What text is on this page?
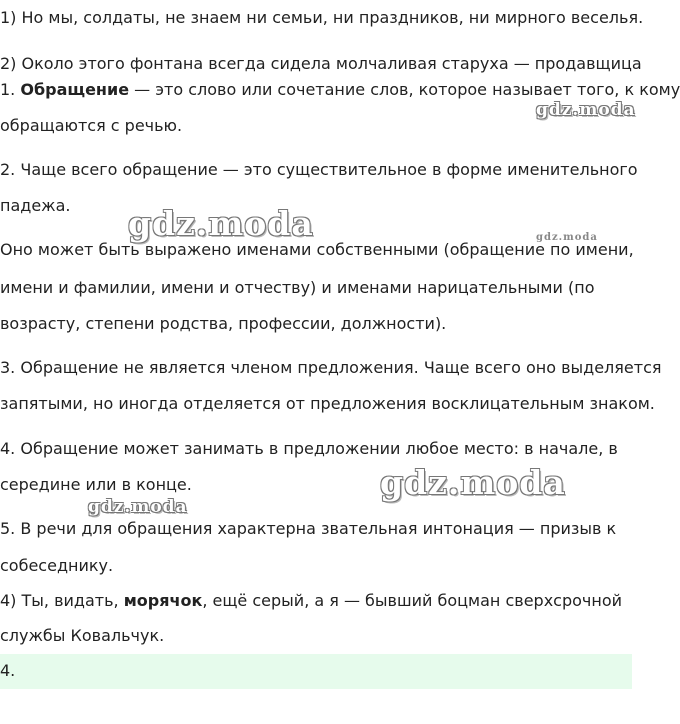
1) Но мы, солдаты, не знаем ни семьи, ни праздников, ни мирного веселья.
2) Около этого фонтана всегда сидела молчаливая старуха — продавщица
1. Обращение — это слово или сочетание слов, которое называет того, к кому
обращаются с речью.
2. Чаще всего обращение — это существительное в форме именительного
падежа.
Оно может быть выражено именами собственными (обращение по имени,
имени и фамилии, имени и отчеству) и именами нарицательными (по
возрасту, степени родства, профессии, должности).
3. Обращение не является членом предложения. Чаще всего оно выделяется
запятыми, но иногда отделяется от предложения восклицательным знаком.
4. Обращение может занимать в предложении любое место: в начале, в
середине или в конце.
5. В речи для обращения характерна звательная интонация — призыв к
собеседнику.
4) Ты, видать, морячок, ещё серый, а я — бывший боцман сверхсрочной
службы Ковальчук.
4.
gdz.moda
gdz.moda	gdz.moda
gdz.moda
gdz.moda
